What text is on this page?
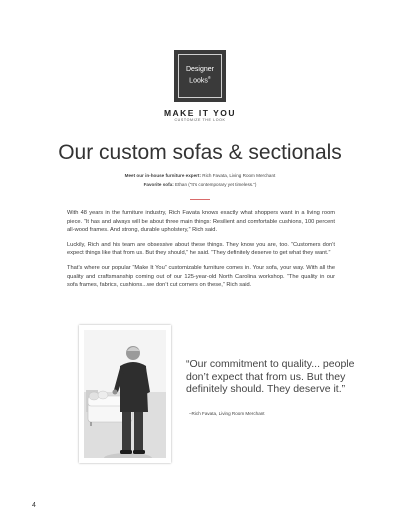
Designer
Looks®
MAKE IT YOU
CUSTOMIZE THE LOOK
Our custom sofas & sectionals
Meet our in-house furniture expert: Rich Favata, Living Room Merchant
Favorite sofa: Ethan (“It’s contemporary yet timeless.”)

With 48 years in the furniture industry, Rich Favata knows exactly what shoppers want in a living room piece. “It has and always will be about three main things: Resilient and comfortable cushions, 100 percent all-wood frames. And strong, durable upholstery,” Rich said.

Luckily, Rich and his team are obsessive about these things. They know you are, too. “Customers don’t expect things like that from us. But they should,” he said. “They definitely deserve to get what they want.”

That’s where our popular “Make It You” customizable furniture comes in. Your sofa, your way. With all the quality and craftsmanship coming out of our 125-year-old North Carolina workshop. “The quality in our sofa frames, fabrics, cushions...we don’t cut corners on these,” Rich said.

“Our commitment to quality... people don’t expect that from us. But they definitely should. They deserve it.”
–Rich Favata, Living Room Merchant
4
